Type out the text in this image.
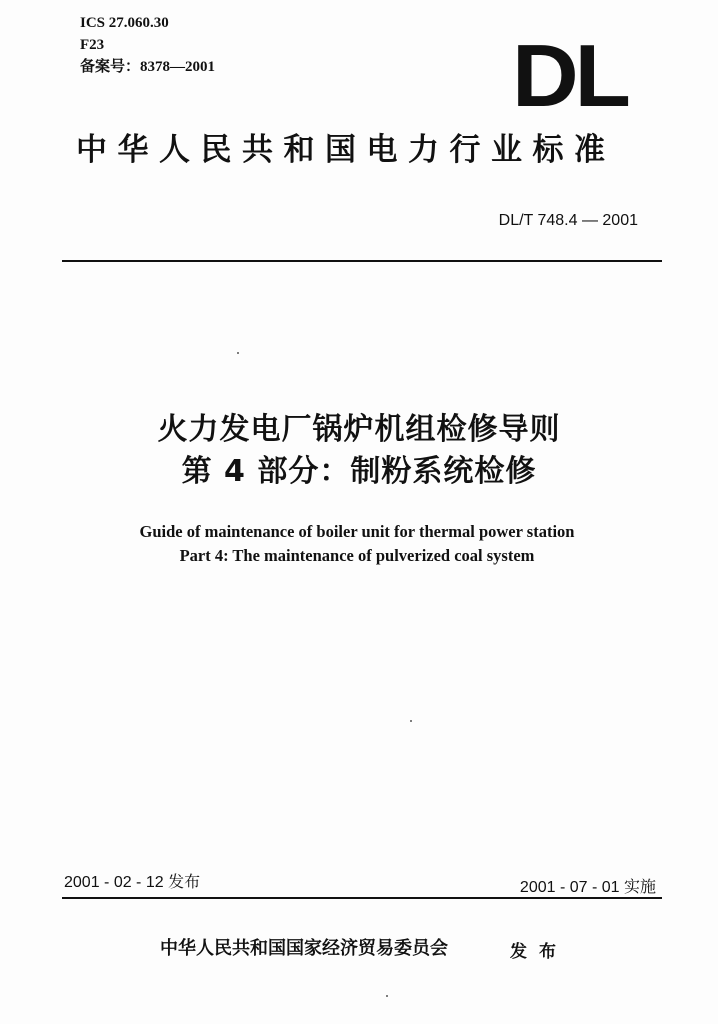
ICS 27.060.30
F23
备案号：8378—2001	DL
中华人民共和国电力行业标准
DL/T 748.4 — 2001
火力发电厂锅炉机组检修导则
第 4 部分：制粉系统检修
Guide of maintenance of boiler unit for thermal power station
Part 4: The maintenance of pulverized coal system
2001 - 02 - 12 发布	2001 - 07 - 01 实施
中华人民共和国国家经济贸易委员会	发布
